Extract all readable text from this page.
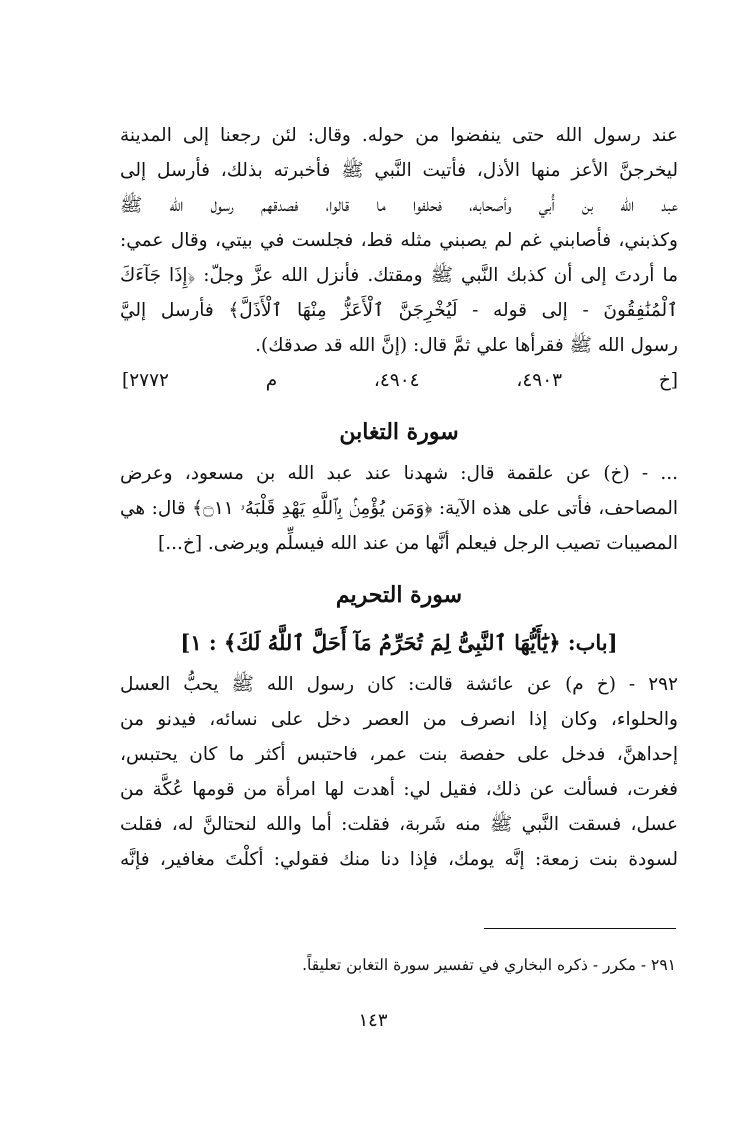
عند رسول الله حتى ينفضوا من حوله. وقال: لئن رجعنا إلى المدينة
ليخرجنَّ الأعز منها الأذل، فأتيت النَّبي ﷺ فأخبرته بذلك، فأرسل إلى
عبد الله بن أُبي وأصحابه، فحلفوا ما قالوا، فصدقهم رسول الله ﷺ
وكذبني، فأصابني غم لم يصبني مثله قط، فجلست في بيتي، وقال عمي:
ما أردتَ إلى أن كذبك النَّبي ﷺ ومقتك. فأنزل الله عزَّ وجلّ: ﴿إِذَا جَآءَكَ
ٱلْمُنَٰفِقُونَ - إلى قوله - لَيُخْرِجَنَّ ٱلْأَعَزُّ مِنْهَا ٱلْأَذَلَّ﴾ فأرسل إليَّ
رسول الله ﷺ فقرأها علي ثمَّ قال: (إنَّ الله قد صدقك).
[خ ٤٩٠٣، ٤٩٠٤، م ٢٧٧٢]
سورة التغابن
... - (خ) عن علقمة قال: شهدنا عند عبد الله بن مسعود، وعرض
المصاحف، فأتى على هذه الآية: ﴿وَمَن يُؤْمِنۢ بِٱللَّهِ يَهْدِ قَلْبَهُۥ ۝١١﴾ قال: هي
المصيبات تصيب الرجل فيعلم أنَّها من عند الله فيسلِّم ويرضى. [خ...]
سورة التحريم
[باب: ﴿يَٰٓأَيُّهَا ٱلنَّبِىُّ لِمَ تُحَرِّمُ مَآ أَحَلَّ ٱللَّهُ لَكَ﴾ : ١]
٢٩٢ - (خ م) عن عائشة قالت: كان رسول الله ﷺ يحبُّ العسل
والحلواء، وكان إذا انصرف من العصر دخل على نسائه، فيدنو من
إحداهنَّ، فدخل على حفصة بنت عمر، فاحتبس أكثر ما كان يحتبس،
فغرت، فسألت عن ذلك، فقيل لي: أهدت لها امرأة من قومها عُكَّة من
عسل، فسقت النَّبي ﷺ منه شَربة، فقلت: أما والله لنحتالنَّ له، فقلت
لسودة بنت زمعة: إنَّه يومك، فإذا دنا منك فقولي: أكلْتَ مغافير، فإنَّه
٢٩١ - مكرر - ذكره البخاري في تفسير سورة التغابن تعليقاً.
١٤٣
